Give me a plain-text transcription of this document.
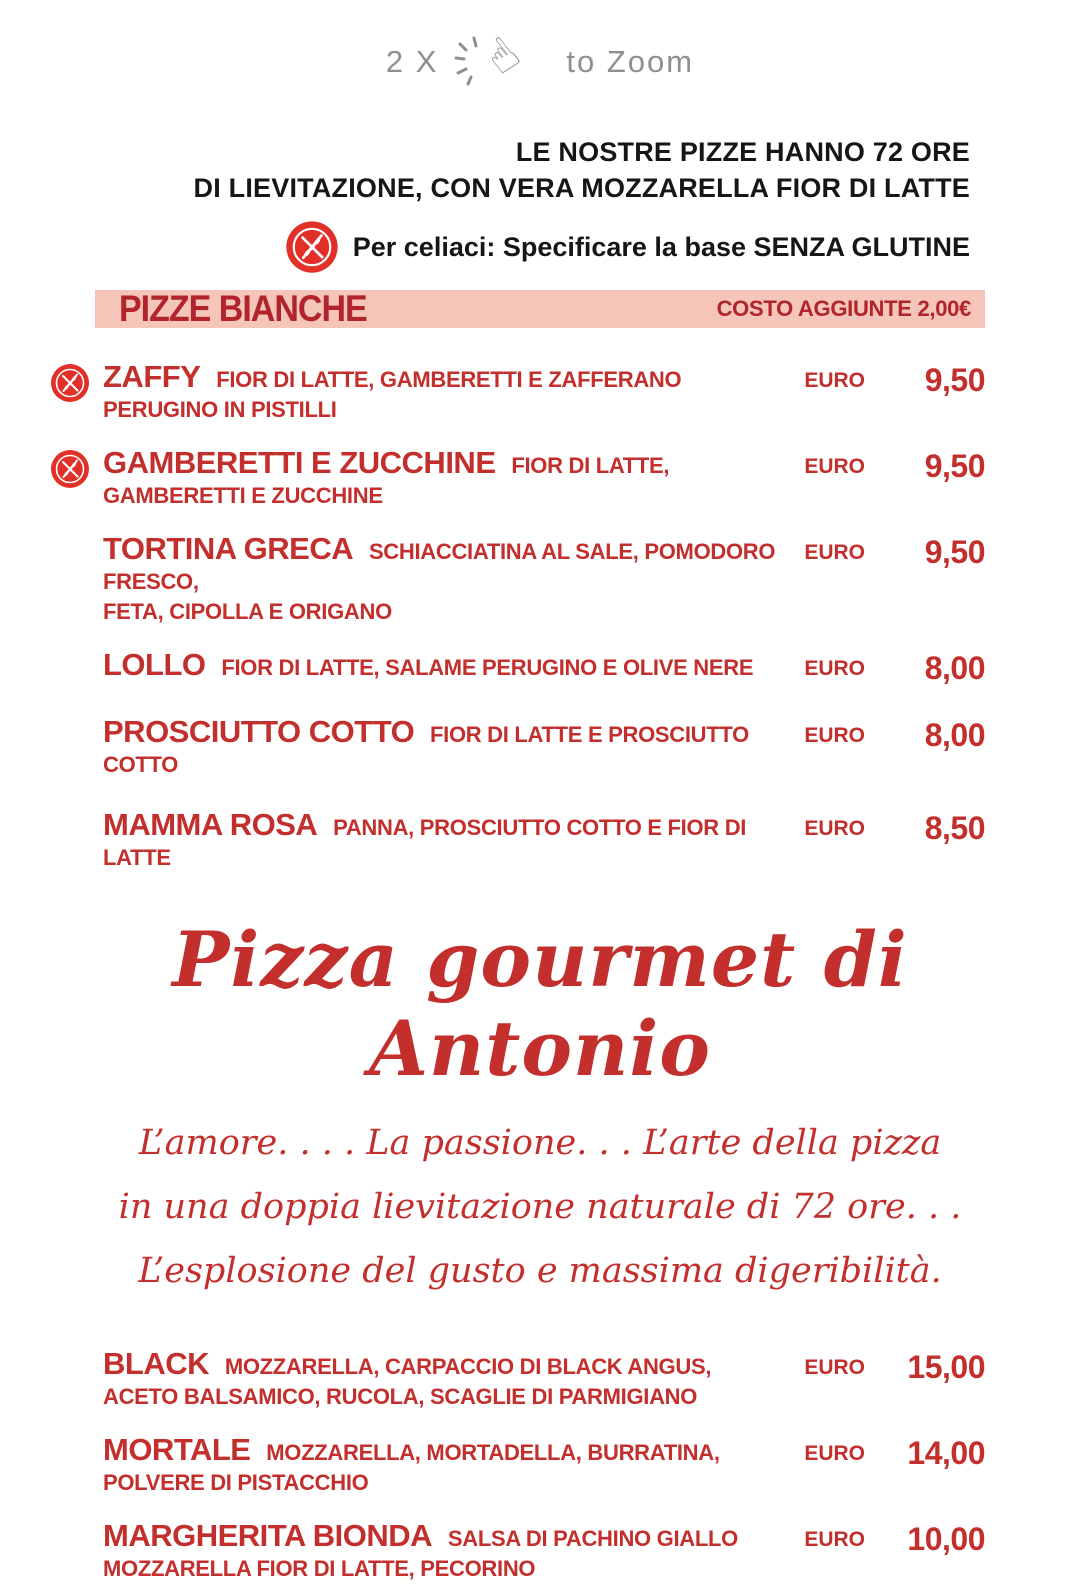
2 X ☝ to Zoom
LE NOSTRE PIZZE HANNO 72 ORE
DI LIEVITAZIONE, CON VERA MOZZARELLA FIOR DI LATTE
Per celiaci: Specificare la base SENZA GLUTINE
PIZZE BIANCHE	COSTO AGGIUNTE 2,00€
ZAFFY FIOR DI LATTE, GAMBERETTI E ZAFFERANO
PERUGINO IN PISTILLI
EURO	9,50
GAMBERETTI E ZUCCHINE FIOR DI LATTE,
GAMBERETTI E ZUCCHINE
EURO	9,50
TORTINA GRECA SCHIACCIATINA AL SALE, POMODORO FRESCO,
FETA, CIPOLLA E ORIGANO
EURO	9,50
LOLLO FIOR DI LATTE, SALAME PERUGINO E OLIVE NERE	EURO	8,00
PROSCIUTTO COTTO FIOR DI LATTE E PROSCIUTTO COTTO
EURO	8,00
MAMMA ROSA PANNA, PROSCIUTTO COTTO E FIOR DI LATTE
EURO	8,50
Pizza gourmet di Antonio
L’amore. . . . La passione. . . L’arte della pizza
in una doppia lievitazione naturale di 72 ore. . .
L’esplosione del gusto e massima digeribilità.
BLACK MOZZARELLA, CARPACCIO DI BLACK ANGUS,
ACETO BALSAMICO, RUCOLA, SCAGLIE DI PARMIGIANO
EURO	15,00
MORTALE MOZZARELLA, MORTADELLA, BURRATINA,
POLVERE DI PISTACCHIO
EURO	14,00
MARGHERITA BIONDA SALSA DI PACHINO GIALLO
MOZZARELLA FIOR DI LATTE, PECORINO
EURO	10,00
